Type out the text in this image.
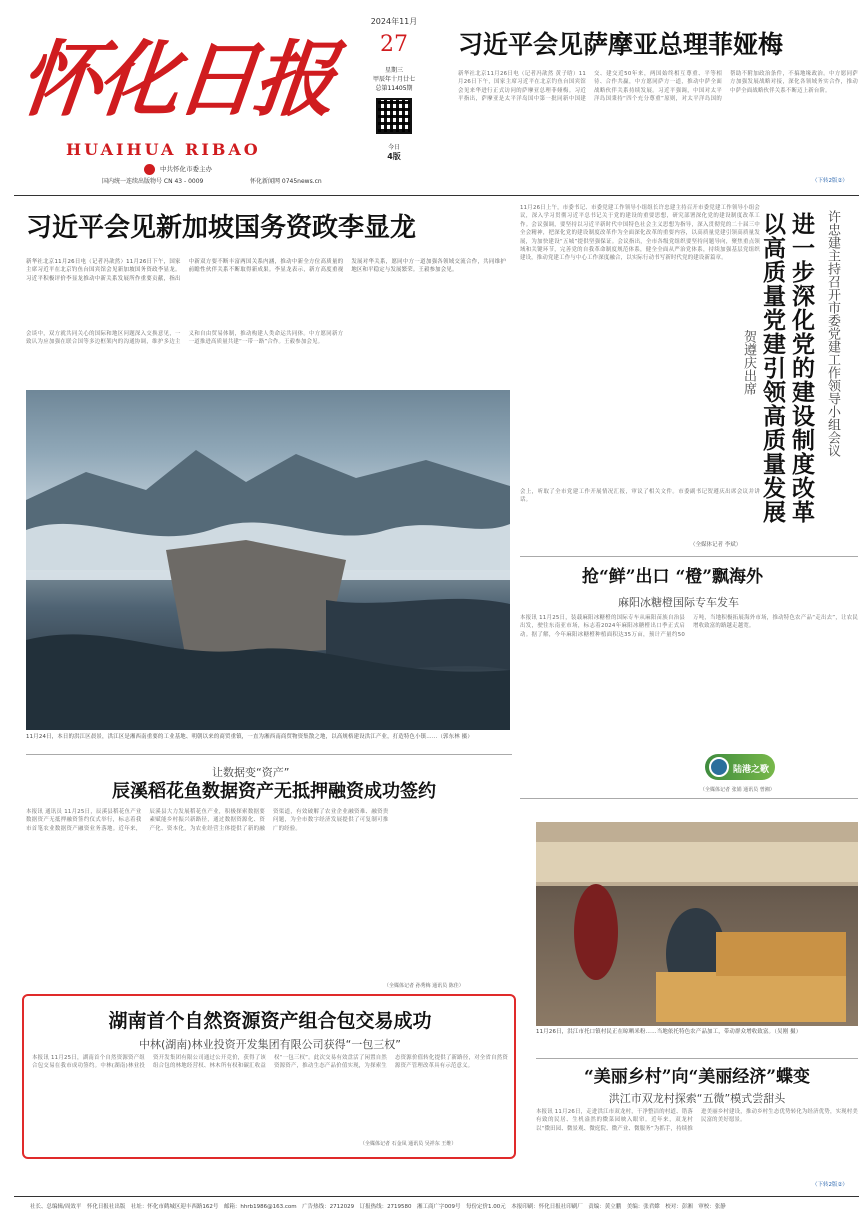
怀化日报
HUAIHUA RIBAO
中共怀化市委主办
国内统一连续出版物号 CN 43 - 0009	怀化新闻网 0745news.cn
2024年11月
27
星期三
甲辰年十月廿七
总第11405期
今日
4版
习近平会见萨摩亚总理菲娅梅
新华社北京11月26日电（记者冯歆然 黄子晗）11月26日下午，国家主席习近平在北京钓鱼台国宾馆会见来华进行正式访问的萨摩亚总理菲娅梅。习近平指出，萨摩亚是太平洋岛国中第一批同新中国建交、建交近50年来，两国始终相互尊重、平等相待、合作共赢，中方愿同萨方一道，推动中萨全面战略伙伴关系持续发展。习近平强调，中国对太平洋岛国秉持“四个充分尊重”原则，对太平洋岛国的帮助不附加政治条件，不搞地缘政治。中方愿同萨方加强发展战略对接，深化各领域务实合作，推动中萨全面战略伙伴关系不断迈上新台阶。
（下转2版②）
习近平会见新加坡国务资政李显龙
新华社北京11月26日电（记者冯歆然）11月26日下午，国家主席习近平在北京钓鱼台国宾馆会见新加坡国务资政李显龙。习近平积极评价李显龙推动中新关系发展所作重要贡献，指出中新双方要不断丰富两国关系内涵，推动中新全方位高质量的前瞻性伙伴关系不断取得新成果。李显龙表示，新方高度重视发展对华关系，愿同中方一道加强各领域交流合作，共同维护地区和平稳定与发展繁荣。王毅参加会见。
会谈中，双方就共同关心的国际和地区问题深入交换意见，一致认为应加强在联合国等多边框架内的沟通协调，维护多边主义和自由贸易体制，推动构建人类命运共同体。中方愿同新方一道推进高质量共建“一带一路”合作。王毅参加会见。
11月26日上午，市委书记、市委党建工作领导小组组长许忠建主持召开市委党建工作领导小组会议，深入学习贯彻习近平总书记关于党的建设的重要思想，研究部署深化党的建设制度改革工作。会议强调，要坚持以习近平新时代中国特色社会主义思想为指导，深入贯彻党的二十届三中全会精神，把深化党的建设制度改革作为全面深化改革的重要内容，以高质量党建引领高质量发展，为加快建设“五城”提供坚强保证。会议指出，全市各级党组织要坚持问题导向，聚焦重点领域和关键环节，完善党的自我革命制度规范体系，健全全面从严治党体系，持续加强基层党组织建设，推动党建工作与中心工作深度融合，以实际行动书写新时代党的建设新篇章。
会上，听取了全市党建工作开展情况汇报，审议了相关文件。市委副书记贺遵庆出席会议并讲话。
（全媒体记者 李斌）
进一步深化党的建设制度改革以高质量党建引领高质量发展	许忠建主持召开市委党建工作领导小组会议
贺遵庆出席
11月24日，本日的洪江区晨景，洪江区是湘西南重要的工业基地、明朝以来的商贸重镇，一直为湘西南商贸物资集散之地，以高规格建设洪江产业，打造特色小镇……（郭东林 摄）
抢“鲜”出口 “橙”飘海外
麻阳冰糖橙国际专车发车
本报讯 11月25日，装载麻阳冰糖橙的国际专车从麻阳苗族自治县出发，驶往东南亚市场，标志着2024年麻阳冰糖橙出口季正式启动。据了解，今年麻阳冰糖橙种植面积达35万亩，预计产量约50万吨，当地积极拓展海外市场，推动特色农产品“走出去”，让农民增收致富的路越走越宽。
（全媒体记者 张娟 通讯员 曾湘）
陆港之歌
让数据变“资产”
辰溪稻花鱼数据资产无抵押融资成功签约
本报讯 通讯员 11月25日，辰溪县稻花鱼产业数据资产无抵押融资签约仪式举行，标志着我市首笔农业数据资产融资业务落地。近年来，辰溪县大力发展稻花鱼产业，积极探索数据要素赋能乡村振兴新路径，通过数据资源化、资产化、资本化，为农业经营主体提供了新的融资渠道，有效破解了农业企业融资难、融资贵问题，为全市数字经济发展提供了可复制可推广的经验。
（全媒体记者 孙秀梅 通讯员 陈佳）
湖南首个自然资源资产组合包交易成功
中林(湖南)林业投资开发集团有限公司获得“一包三权”
本报讯 11月25日，湖南首个自然资源资产组合包交易在我市成功签约。中林(湖南)林业投资开发集团有限公司通过公开竞价，获得了该组合包的林地经营权、林木所有权和碳汇收益权“一包三权”。此次交易有效盘活了闲置自然资源资产，推动生态产品价值实现，为探索生态资源价值转化提供了新路径，对全省自然资源资产管理改革具有示范意义。
（全媒体记者 石金凤 通讯员 吴祥东 王维）
11月26日，洪江市托口镇村民正在晾晒米粉……当地依托特色农产品加工，带动群众增收致富。（吴刚 摄）
“美丽乡村”向“美丽经济”蝶变
洪江市双龙村探索“五微”模式尝甜头
本报讯 11月26日，走进洪江市双龙村，干净整洁的村道、错落有致的民居、生机盎然的微菜园映入眼帘。近年来，双龙村以“微田园、微景观、微庭院、微产业、微服务”为抓手，持续推进美丽乡村建设，推动乡村生态优势转化为经济优势，实现村美民富的美好愿景。
（下转2版②）
社长、总编辑/周效平　怀化日报社出版　社址：怀化市鹤城区迎丰西路162号　邮箱：hhrb1986@163.com　广告热线：2712029　订报热线：2719580　湘工商广字009号　每份定价1.00元　本报印刷：怀化日报社印刷厂　责编：黄立鹏　美编：张君嫦　校对：彭湘　审校：张静
